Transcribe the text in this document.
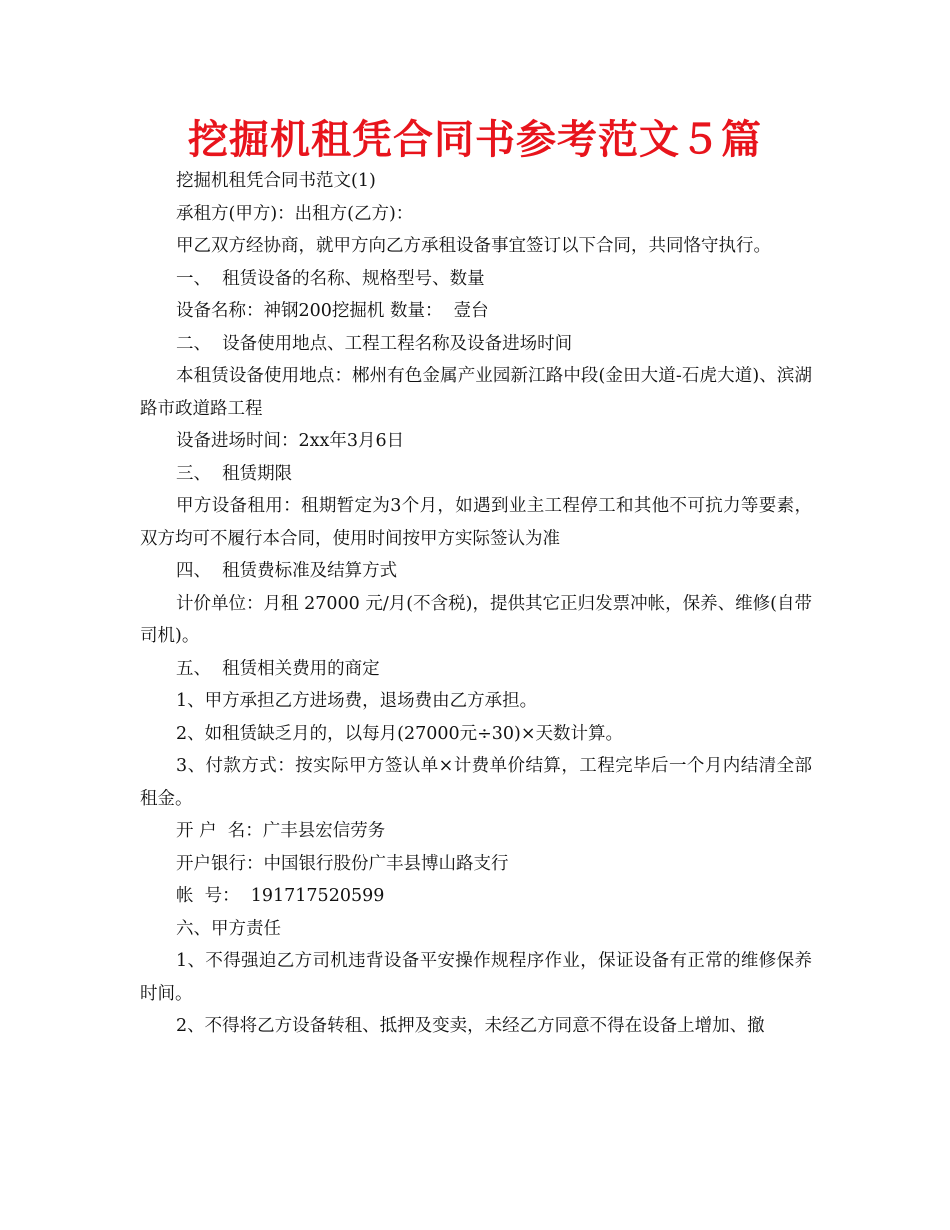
挖掘机租凭合同书参考范文５篇

挖掘机租凭合同书范文(1)

承租方(甲方)：出租方(乙方)：

甲乙双方经协商，就甲方向乙方承租设备事宜签订以下合同，共同恪守执行。

一、  租赁设备的名称、规格型号、数量

设备名称：神钢200挖掘机 数量：  壹台

二、  设备使用地点、工程工程名称及设备进场时间

本租赁设备使用地点：郴州有色金属产业园新江路中段(金田大道-石虎大道)、滨湖路市政道路工程

设备进场时间：2xx年3月6日

三、  租赁期限

甲方设备租用：租期暂定为3个月，如遇到业主工程停工和其他不可抗力等要素，双方均可不履行本合同，使用时间按甲方实际签认为准

四、  租赁费标准及结算方式

计价单位：月租 27000 元/月(不含税)，提供其它正归发票冲帐，保养、维修(自带司机)。

五、  租赁相关费用的商定

1、甲方承担乙方进场费，退场费由乙方承担。

2、如租赁缺乏月的，以每月(27000元÷30)×天数计算。

3、付款方式：按实际甲方签认单×计费单价结算，工程完毕后一个月内结清全部租金。

开 户  名：广丰县宏信劳务

开户银行：中国银行股份广丰县博山路支行

帐  号：  191717520599

六、甲方责任

1、不得强迫乙方司机违背设备平安操作规程序作业，保证设备有正常的维修保养时间。

2、不得将乙方设备转租、抵押及变卖，未经乙方同意不得在设备上增加、撤
